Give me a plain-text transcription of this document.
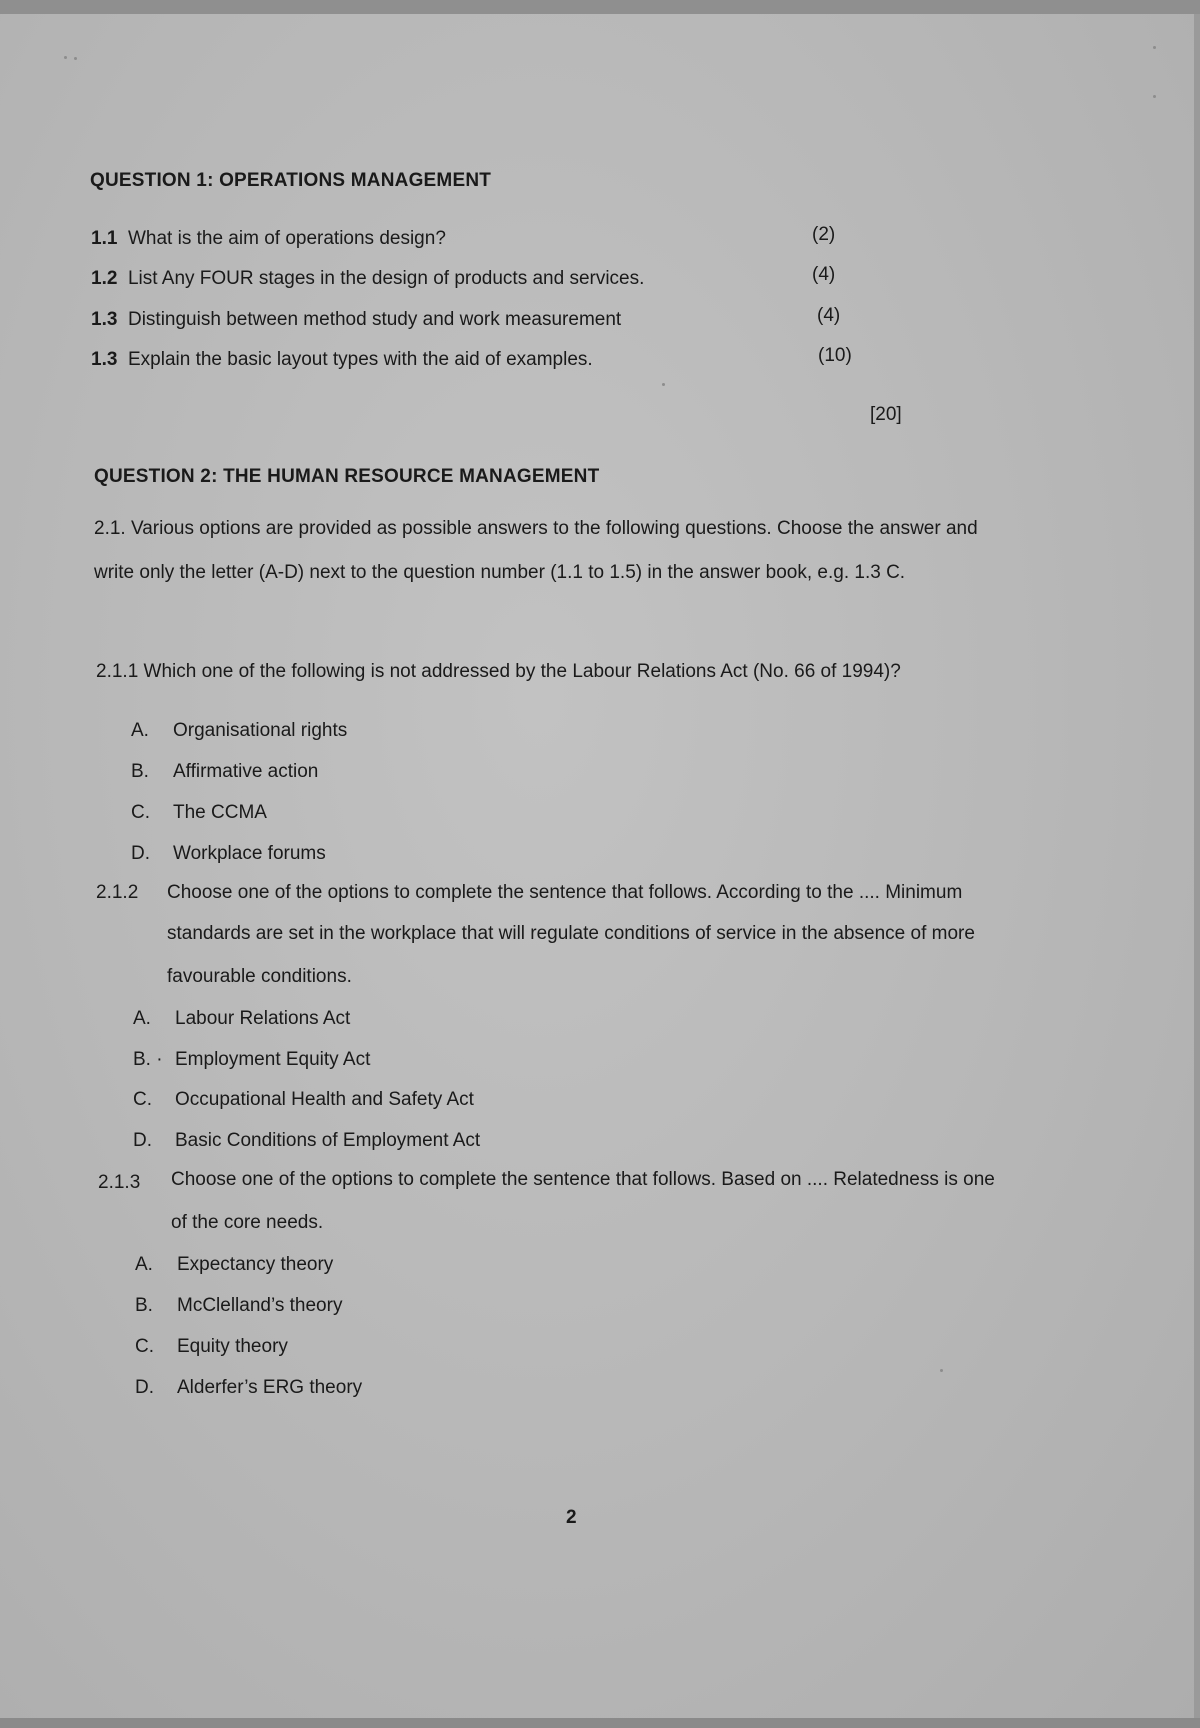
QUESTION 1: OPERATIONS MANAGEMENT
1.1 What is the aim of operations design?	(2)
1.2 List Any FOUR stages in the design of products and services.	(4)
1.3 Distinguish between method study and work measurement	(4)
1.3 Explain the basic layout types with the aid of examples.	(10)
[20]
QUESTION 2: THE HUMAN RESOURCE MANAGEMENT
2.1. Various options are provided as possible answers to the following questions. Choose the answer and
write only the letter (A-D) next to the question number (1.1 to 1.5) in the answer book, e.g. 1.3 C.
2.1.1 Which one of the following is not addressed by the Labour Relations Act (No. 66 of 1994)?
A. Organisational rights
B. Affirmative action
C. The CCMA
D. Workplace forums
2.1.2 Choose one of the options to complete the sentence that follows. According to the .... Minimum
standards are set in the workplace that will regulate conditions of service in the absence of more
favourable conditions.
A. Labour Relations Act
B. · Employment Equity Act
C. Occupational Health and Safety Act
D. Basic Conditions of Employment Act
2.1.3 Choose one of the options to complete the sentence that follows. Based on .... Relatedness is one
of the core needs.
A. Expectancy theory
B. McClelland’s theory
C. Equity theory
D. Alderfer’s ERG theory
2
